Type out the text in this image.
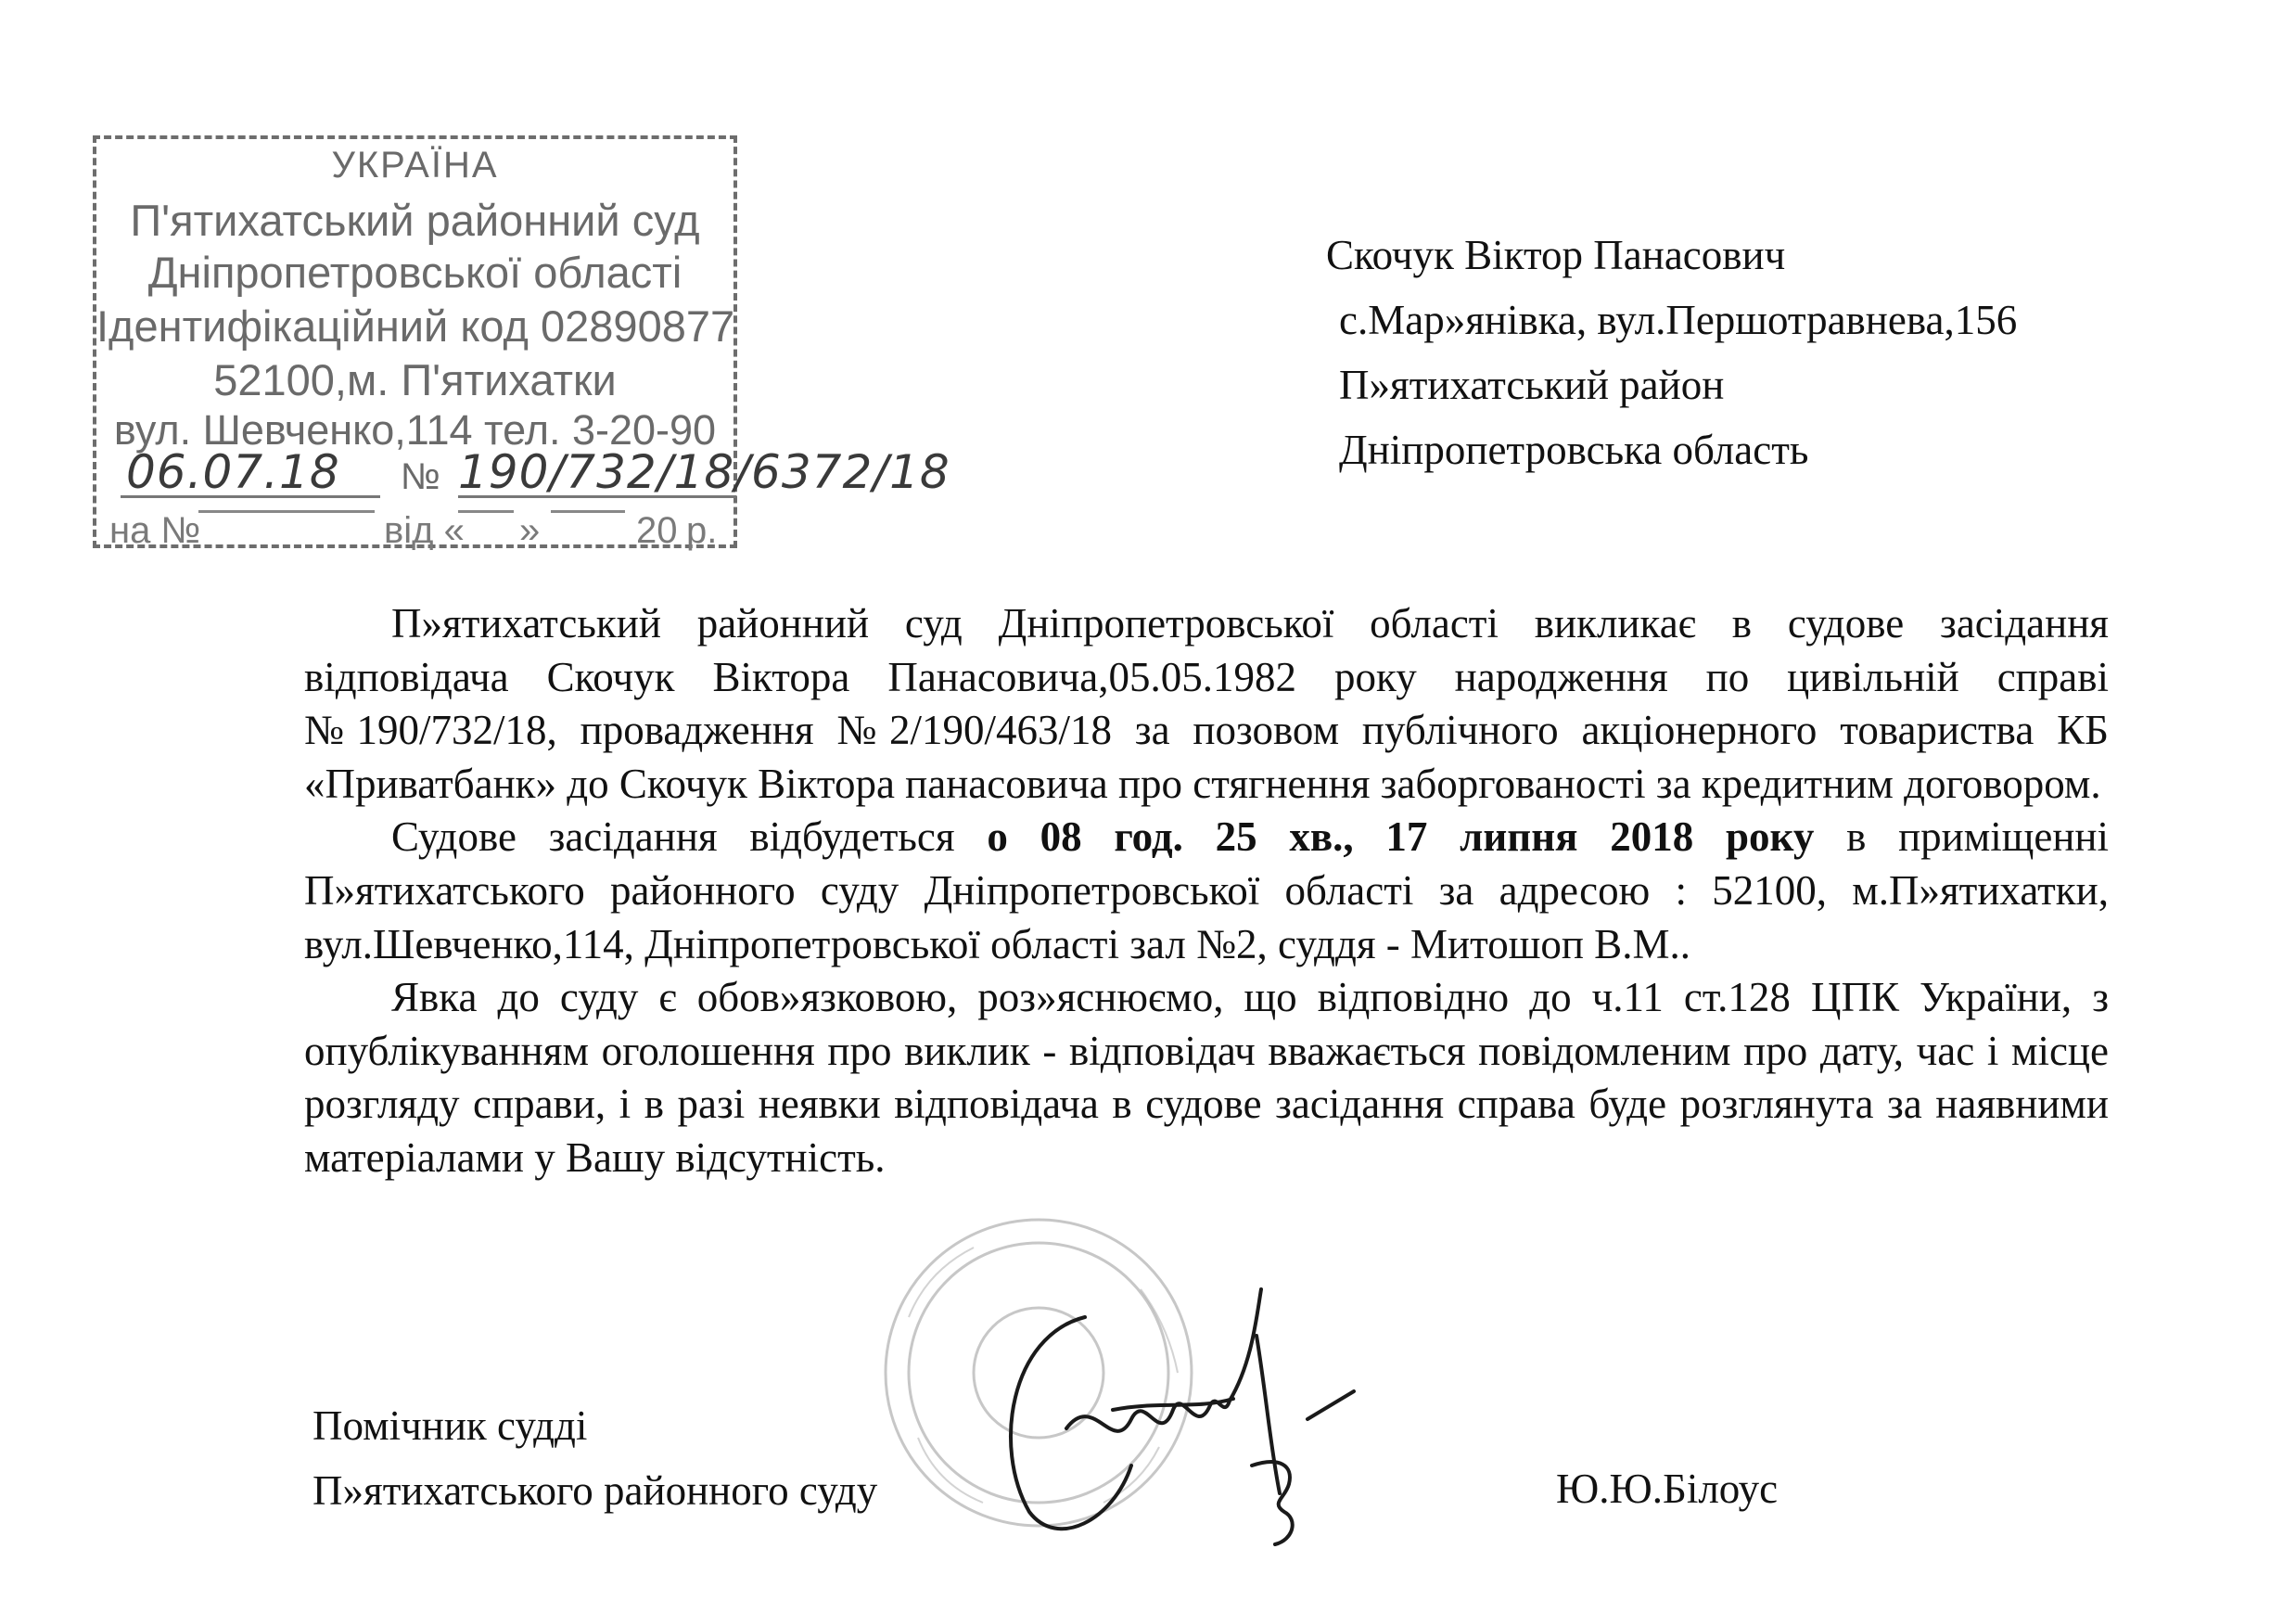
УКРАЇНА
П'ятихатський районний суд
Дніпропетровської області
Ідентифікаційний код 02890877
52100,м. П'ятихатки
вул. Шевченко,114 тел. 3-20-90
06.07.18 № 190/732/18/6372/18
на №	від « »	20 р.
Скочук Віктор Панасович
с.Мар»янівка, вул.Першотравнева,156
П»ятихатський район
Дніпропетровська область

П»ятихатський районний суд Дніпропетровської області викликає в судове засідання відповідача Скочук Віктора Панасовича,05.05.1982 року народження по цивільній справі №190/732/18, провадження №2/190/463/18 за позовом публічного акціонерного товариства КБ «Приватбанк» до Скочук Віктора панасовича про стягнення заборгованості за кредитним договором.

Судове засідання відбудеться о 08 год. 25 хв., 17 липня 2018 року в приміщенні П»ятихатського районного суду Дніпропетровської області за адресою : 52100, м.П»ятихатки, вул.Шевченко,114, Дніпропетровської області зал №2, суддя - Митошоп В.М..

Явка до суду є обов»язковою, роз»яснюємо, що відповідно до ч.11 ст.128 ЦПК України, з опублікуванням оголошення про виклик - відповідач вважається повідомленим про дату, час і місце розгляду справи, і в разі неявки відповідача в судове засідання справа буде розглянута за наявними матеріалами у Вашу відсутність.

Помічник судді
П»ятихатського районного суду	Ю.Ю.Білоус
